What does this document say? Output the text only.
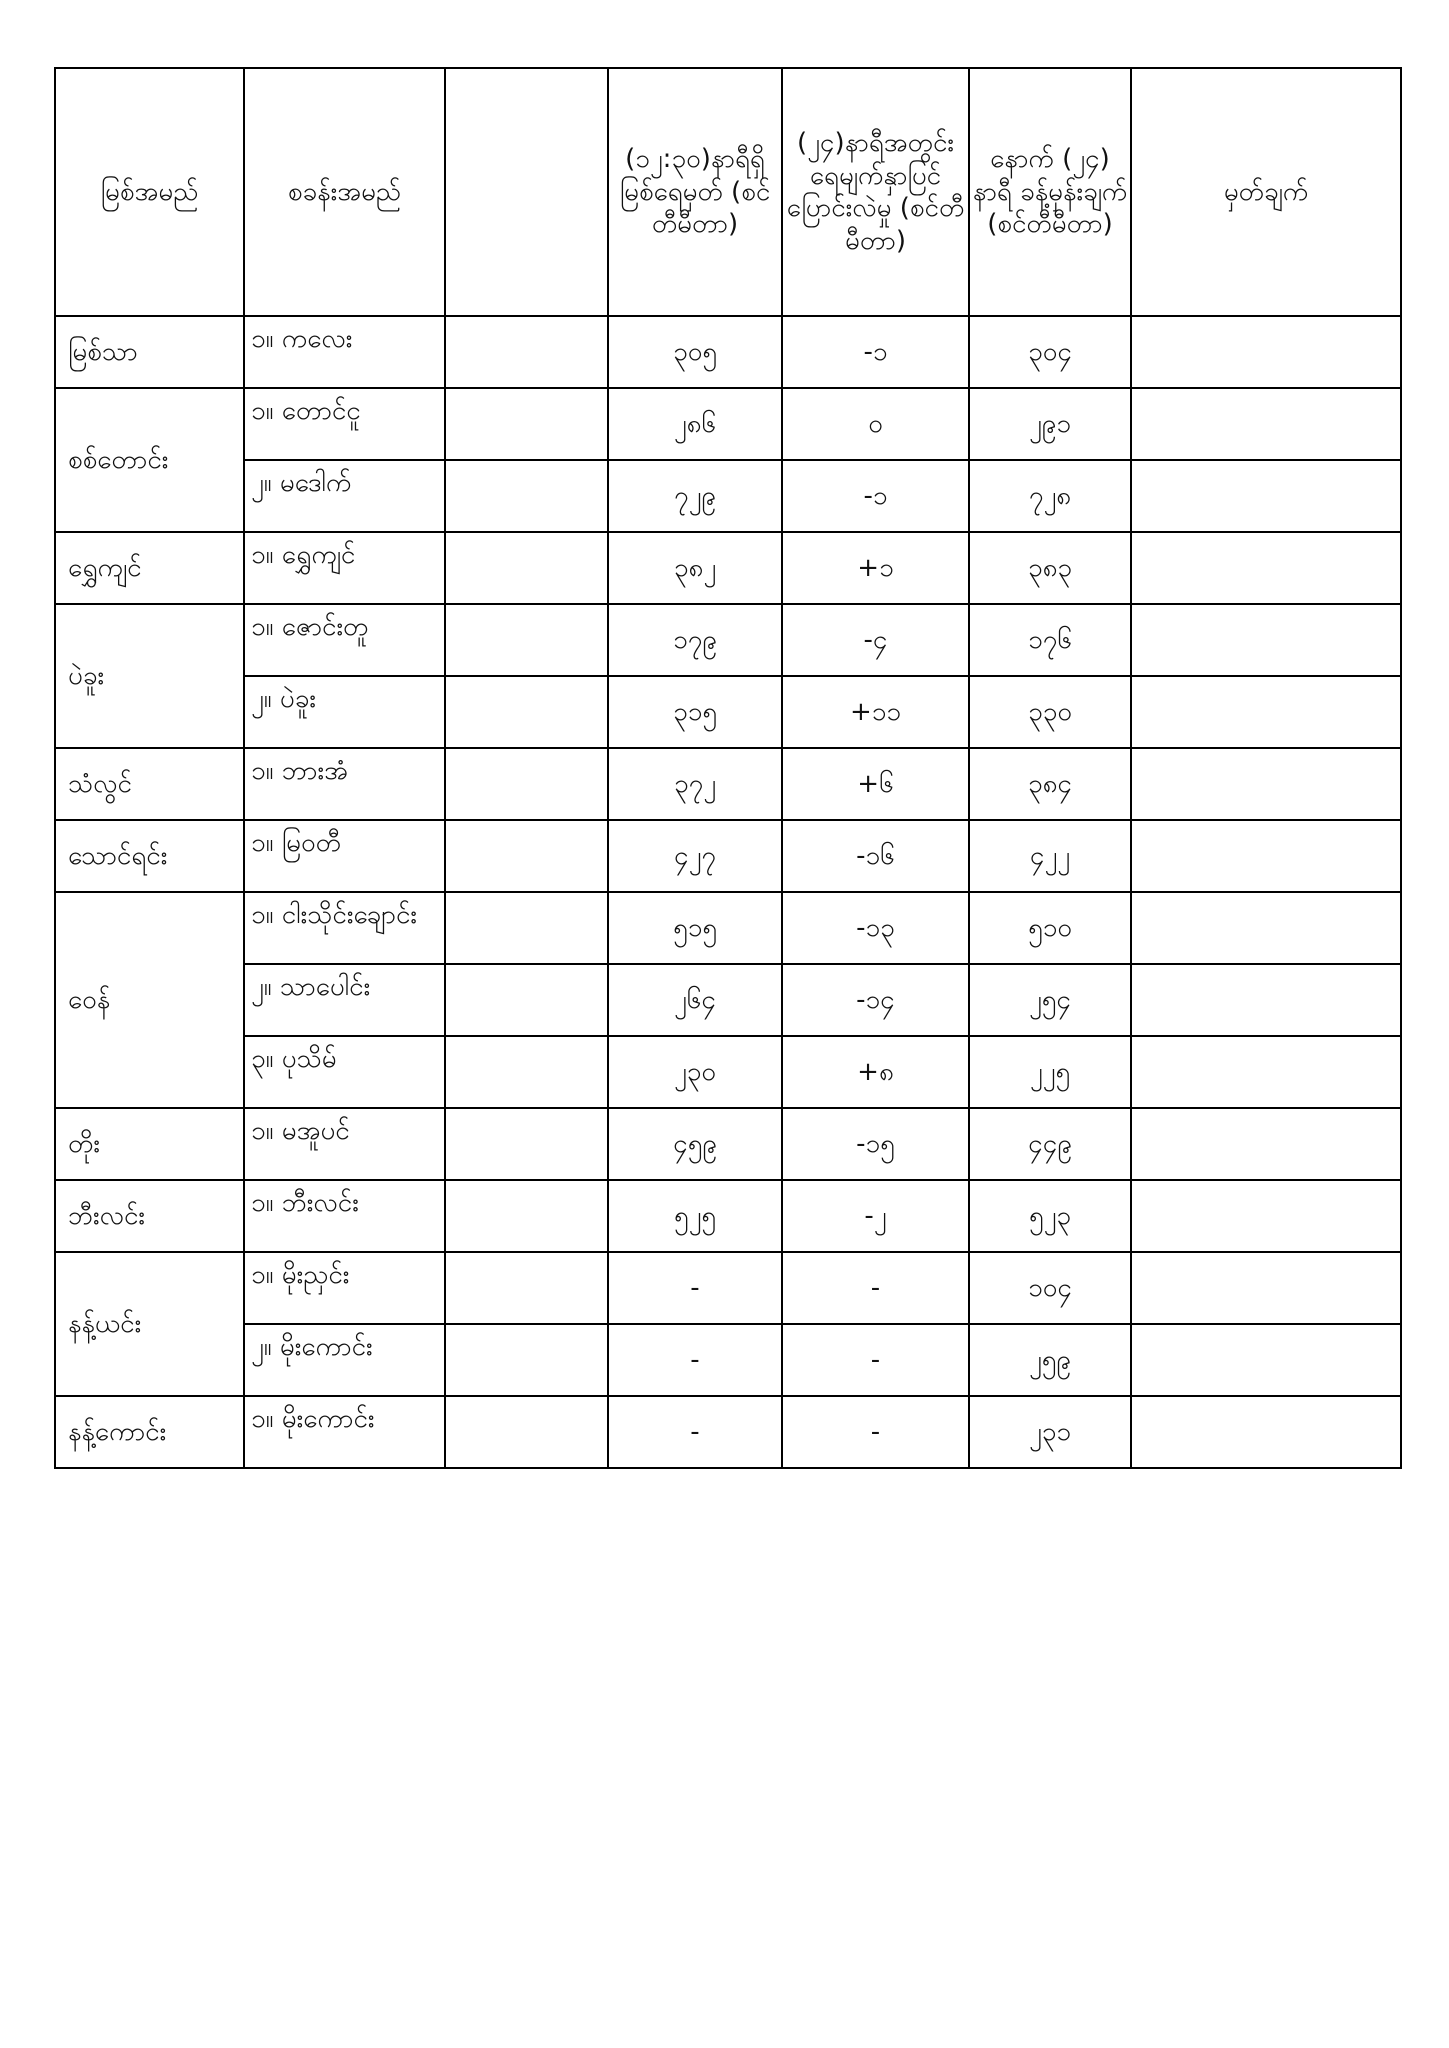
မြစ်အမည်	စခန်းအမည်		(၁၂:၃၀)နာရီရှိ မြစ်ရေမှတ် (စင်တီမီတာ)	(၂၄)နာရီအတွင်း ရေမျက်နှာပြင် ပြောင်းလဲမှု (စင်တီမီတာ)	နောက် (၂၄) နာရီ ခန့်မှန်းချက် (စင်တီမီတာ)	မှတ်ချက်
မြစ်သာ	၁။ ကလေး		၃၀၅	-၁	၃၀၄	
စစ်တောင်း	၁။ တောင်ငူ		၂၈၆	၀	၂၉၁	
	၂။ မဒေါက်		၇၂၉	-၁	၇၂၈	
ရွှေကျင်	၁။ ရွှေကျင်		၃၈၂	+၁	၃၈၃	
ပဲခူး	၁။ ဇောင်းတူ		၁၇၉	-၄	၁၇၆	
	၂။ ပဲခူး		၃၁၅	+၁၁	၃၃၀	
သံလွင်	၁။ ဘားအံ		၃၇၂	+၆	၃၈၄	
သောင်ရင်း	၁။ မြဝတီ		၄၂၇	-၁၆	၄၂၂	
ဝေန်	၁။ ငါးသိုင်းချောင်း		၅၁၅	-၁၃	၅၁၀	
	၂။ သာပေါင်း		၂၆၄	-၁၄	၂၅၄	
	၃။ ပုသိမ်		၂၃၀	+၈	၂၂၅	
တိုး	၁။ မအူပင်		၄၅၉	-၁၅	၄၄၉	
ဘီးလင်း	၁။ ဘီးလင်း		၅၂၅	-၂	၅၂၃	
နန့်ယင်း	၁။ မိုးညှင်း		-	-	၁၀၄	
	၂။ မိုးကောင်း		-	-	၂၅၉	
နန့်ကောင်း	၁။ မိုးကောင်း		-	-	၂၃၁	
